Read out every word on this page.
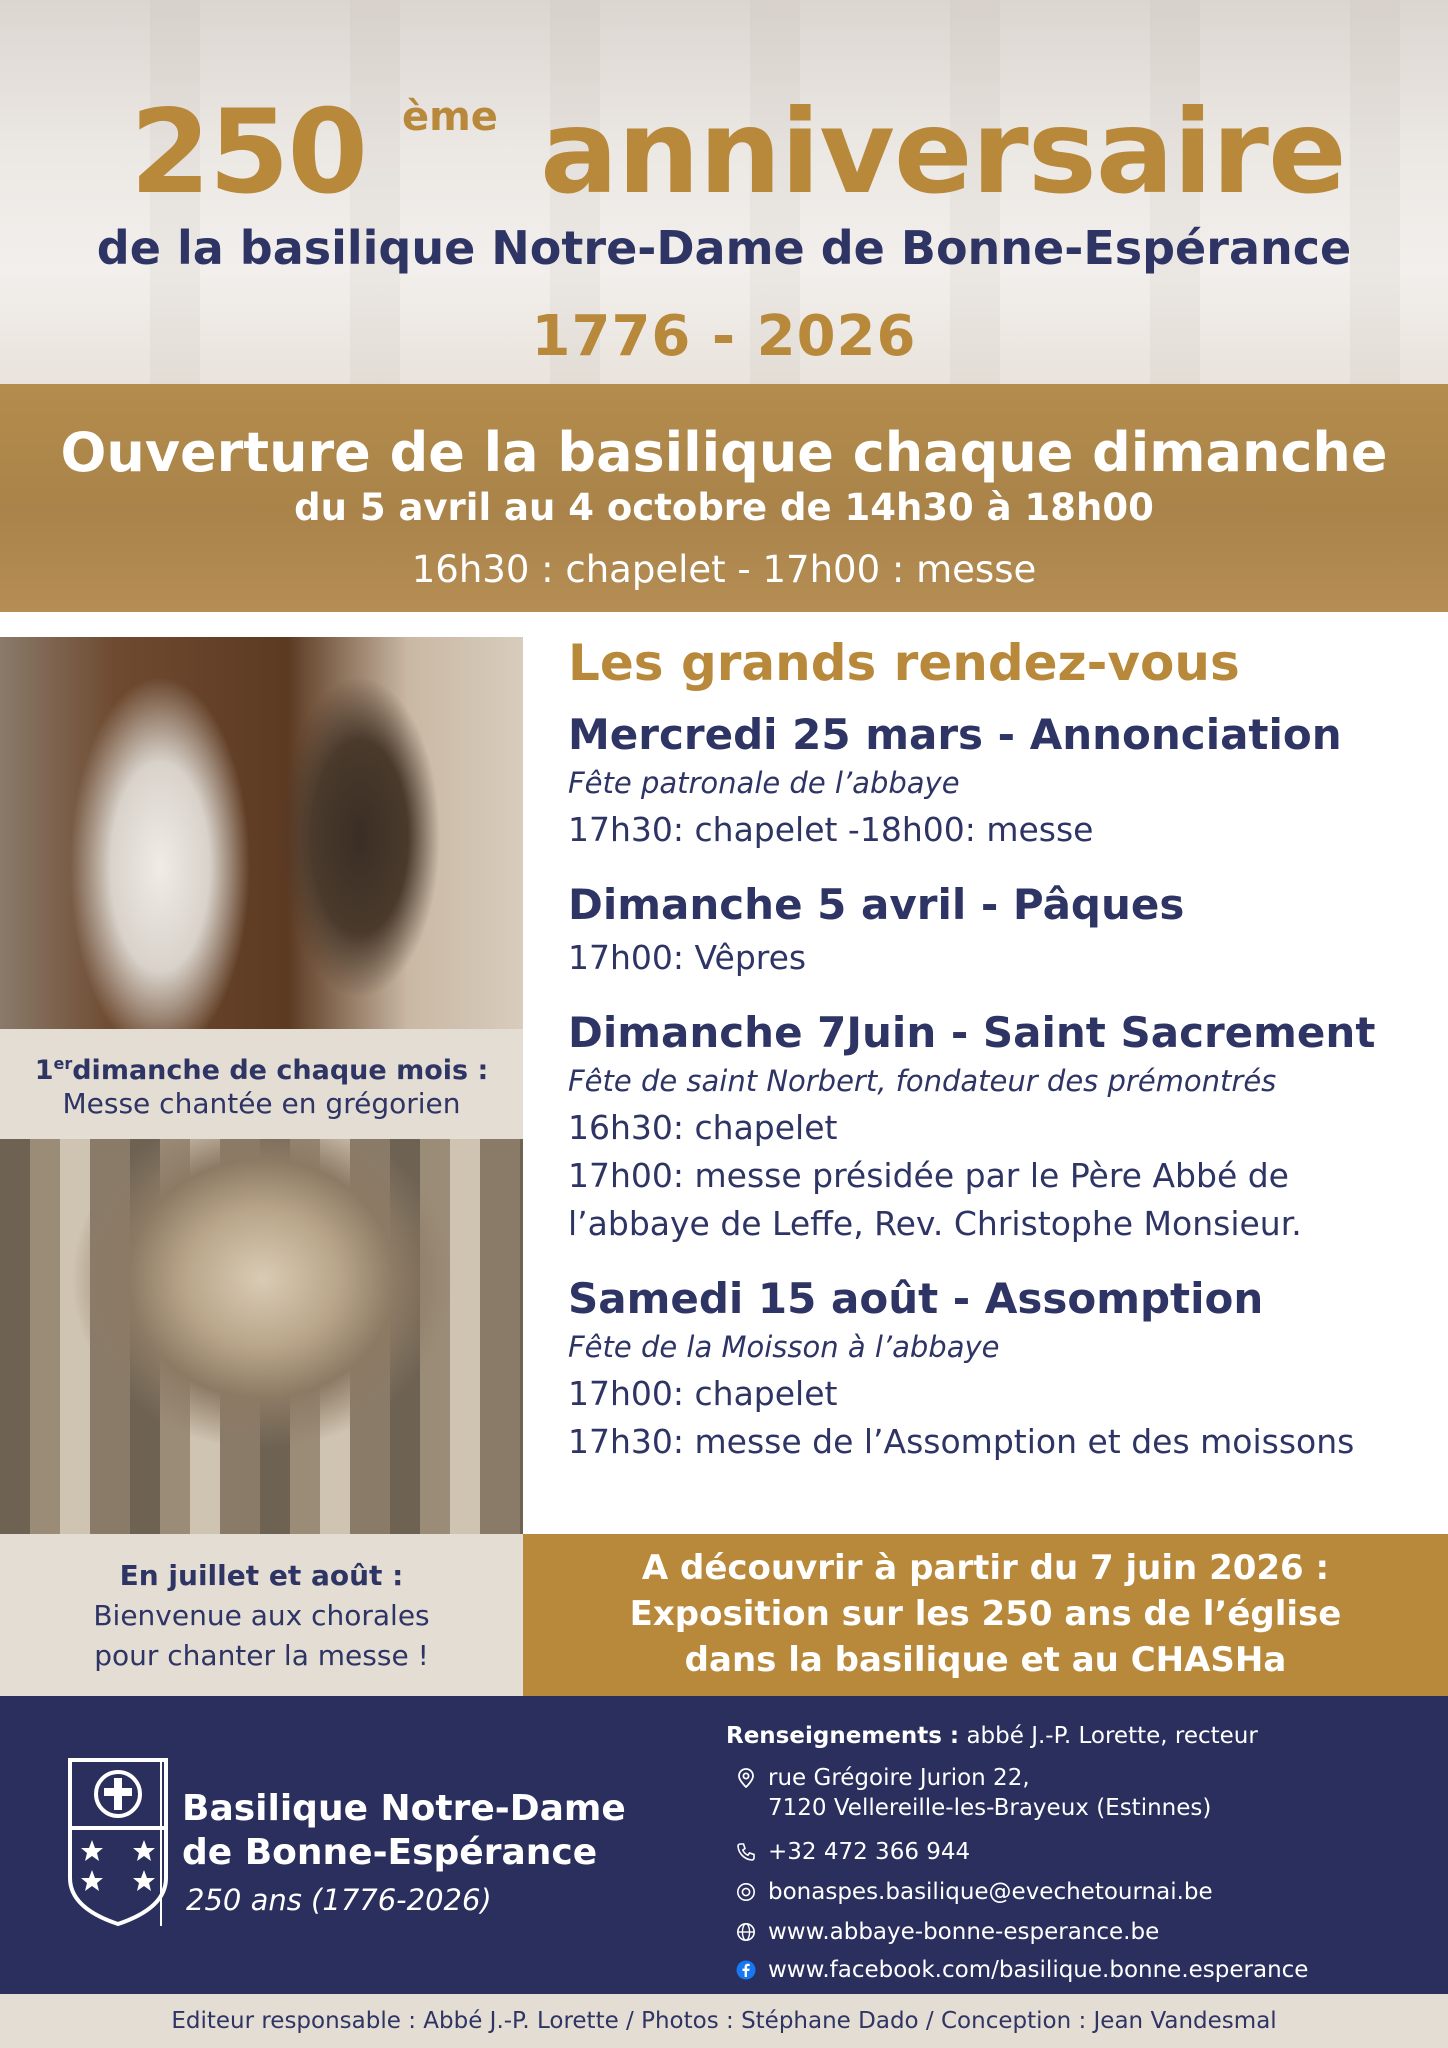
250 ème anniversaire
de la basilique Notre-Dame de Bonne-Espérance
1776 - 2026
Ouverture de la basilique chaque dimanche
du 5 avril au 4 octobre de 14h30 à 18h00
16h30 : chapelet - 17h00 : messe
1erdimanche de chaque mois :
Messe chantée en grégorien
En juillet et août :
Bienvenue aux chorales
pour chanter la messe !
Les grands rendez-vous
Mercredi 25 mars - Annonciation
Fête patronale de l’abbaye
17h30: chapelet -18h00: messe
Dimanche 5 avril - Pâques
17h00: Vêpres
Dimanche 7Juin - Saint Sacrement
Fête de saint Norbert, fondateur des prémontrés
16h30: chapelet
17h00: messe présidée par le Père Abbé de
l’abbaye de Leffe, Rev. Christophe Monsieur.
Samedi 15 août - Assomption
Fête de la Moisson à l’abbaye
17h00: chapelet
17h30: messe de l’Assomption et des moissons
A découvrir à partir du 7 juin 2026 :
Exposition sur les 250 ans de l’église
dans la basilique et au CHASHa
Basilique Notre-Dame
de Bonne-Espérance
250 ans (1776-2026)
Renseignements : abbé J.-P. Lorette, recteur
rue Grégoire Jurion 22,
7120 Vellereille-les-Brayeux (Estinnes)
+32 472 366 944
bonaspes.basilique@evechetournai.be
www.abbaye-bonne-esperance.be
www.facebook.com/basilique.bonne.esperance
Editeur responsable : Abbé J.-P. Lorette / Photos : Stéphane Dado / Conception : Jean Vandesmal
